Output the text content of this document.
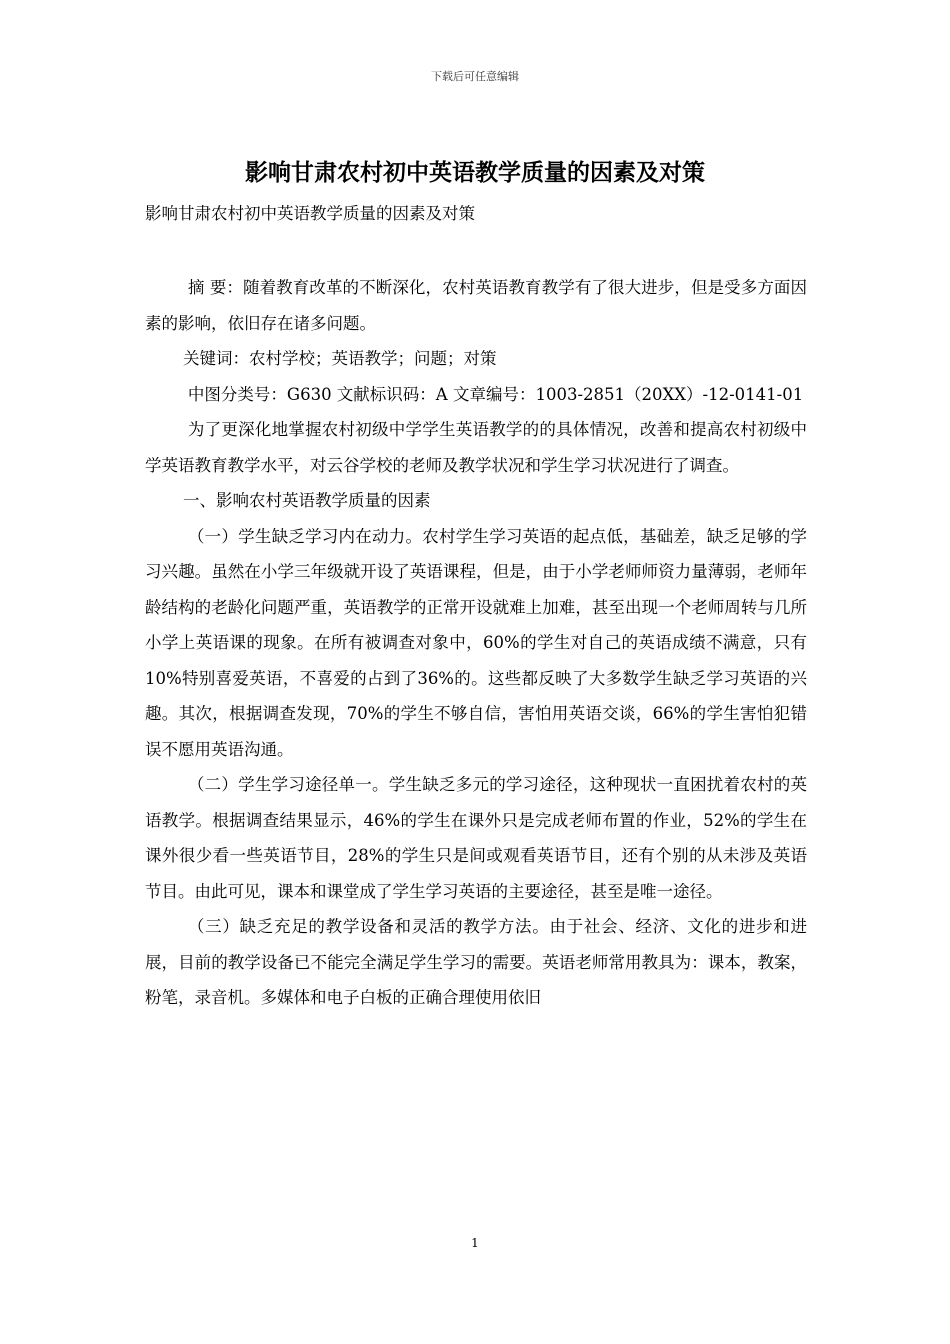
下载后可任意编辑
影响甘肃农村初中英语教学质量的因素及对策

影响甘肃农村初中英语教学质量的因素及对策

摘 要：随着教育改革的不断深化，农村英语教育教学有了很大进步，但是受多方面因素的影响，依旧存在诸多问题。

关键词：农村学校；英语教学；问题；对策

中图分类号：G630 文献标识码：A 文章编号：1003-2851（20XX）-12-0141-01

为了更深化地掌握农村初级中学学生英语教学的的具体情况，改善和提高农村初级中学英语教育教学水平，对云谷学校的老师及教学状况和学生学习状况进行了调查。

一、影响农村英语教学质量的因素

（一）学生缺乏学习内在动力。农村学生学习英语的起点低，基础差，缺乏足够的学习兴趣。虽然在小学三年级就开设了英语课程，但是，由于小学老师师资力量薄弱，老师年龄结构的老龄化问题严重，英语教学的正常开设就难上加难，甚至出现一个老师周转与几所小学上英语课的现象。在所有被调查对象中，60%的学生对自己的英语成绩不满意，只有10%特别喜爱英语，不喜爱的占到了36%的。这些都反映了大多数学生缺乏学习英语的兴趣。其次，根据调查发现，70%的学生不够自信，害怕用英语交谈，66%的学生害怕犯错误不愿用英语沟通。

（二）学生学习途径单一。学生缺乏多元的学习途径，这种现状一直困扰着农村的英语教学。根据调查结果显示，46%的学生在课外只是完成老师布置的作业，52%的学生在课外很少看一些英语节目，28%的学生只是间或观看英语节目，还有个别的从未涉及英语节目。由此可见，课本和课堂成了学生学习英语的主要途径，甚至是唯一途径。

（三）缺乏充足的教学设备和灵活的教学方法。由于社会、经济、文化的进步和进展，目前的教学设备已不能完全满足学生学习的需要。英语老师常用教具为：课本，教案，粉笔，录音机。多媒体和电子白板的正确合理使用依旧

1
